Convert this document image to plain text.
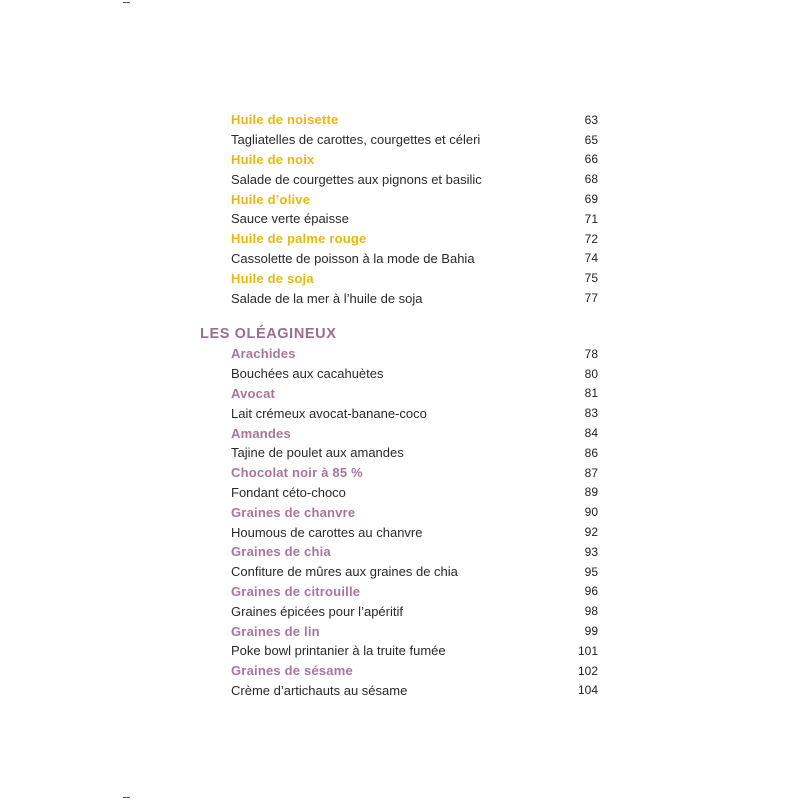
Huile de noisette	63
Tagliatelles de carottes, courgettes et céleri	65
Huile de noix	66
Salade de courgettes aux pignons et basilic	68
Huile d’olive	69
Sauce verte épaisse	71
Huile de palme rouge	72
Cassolette de poisson à la mode de Bahia	74
Huile de soja	75
Salade de la mer à l’huile de soja	77
LES OLÉAGINEUX
Arachides	78
Bouchées aux cacahuètes	80
Avocat	81
Lait crémeux avocat-banane-coco	83
Amandes	84
Tajine de poulet aux amandes	86
Chocolat noir à 85 %	87
Fondant céto-choco	89
Graines de chanvre	90
Houmous de carottes au chanvre	92
Graines de chia	93
Confiture de mûres aux graines de chia	95
Graines de citrouille	96
Graines épicées pour l’apéritif	98
Graines de lin	99
Poke bowl printanier à la truite fumée	101
Graines de sésame	102
Crème d’artichauts au sésame	104
